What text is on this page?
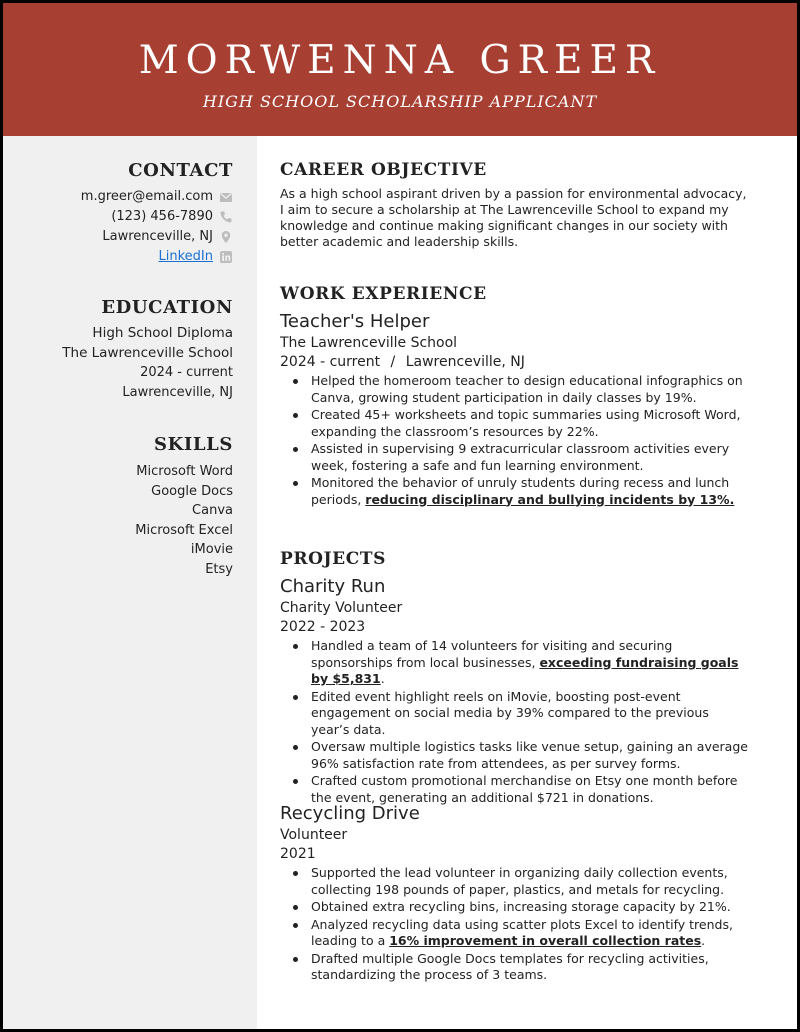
MORWENNA GREER
HIGH SCHOOL SCHOLARSHIP APPLICANT
CONTACT
m.greer@email.com
(123) 456-7890
Lawrenceville, NJ
LinkedIn
EDUCATION
High School Diploma
The Lawrenceville School
2024 - current
Lawrenceville, NJ
SKILLS
Microsoft Word
Google Docs
Canva
Microsoft Excel
iMovie
Etsy
CAREER OBJECTIVE
As a high school aspirant driven by a passion for environmental advocacy, I aim to secure a scholarship at The Lawrenceville School to expand my knowledge and continue making significant changes in our society with better academic and leadership skills.
WORK EXPERIENCE
Teacher's Helper
The Lawrenceville School
2024 - current / Lawrenceville, NJ
Helped the homeroom teacher to design educational infographics on Canva, growing student participation in daily classes by 19%.
Created 45+ worksheets and topic summaries using Microsoft Word, expanding the classroom’s resources by 22%.
Assisted in supervising 9 extracurricular classroom activities every week, fostering a safe and fun learning environment.
Monitored the behavior of unruly students during recess and lunch periods, reducing disciplinary and bullying incidents by 13%.
PROJECTS
Charity Run
Charity Volunteer
2022 - 2023
Handled a team of 14 volunteers for visiting and securing sponsorships from local businesses, exceeding fundraising goals by $5,831.
Edited event highlight reels on iMovie, boosting post-event engagement on social media by 39% compared to the previous year’s data.
Oversaw multiple logistics tasks like venue setup, gaining an average 96% satisfaction rate from attendees, as per survey forms.
Crafted custom promotional merchandise on Etsy one month before the event, generating an additional $721 in donations.
Recycling Drive
Volunteer
2021
Supported the lead volunteer in organizing daily collection events, collecting 198 pounds of paper, plastics, and metals for recycling.
Obtained extra recycling bins, increasing storage capacity by 21%.
Analyzed recycling data using scatter plots Excel to identify trends, leading to a 16% improvement in overall collection rates.
Drafted multiple Google Docs templates for recycling activities, standardizing the process of 3 teams.
